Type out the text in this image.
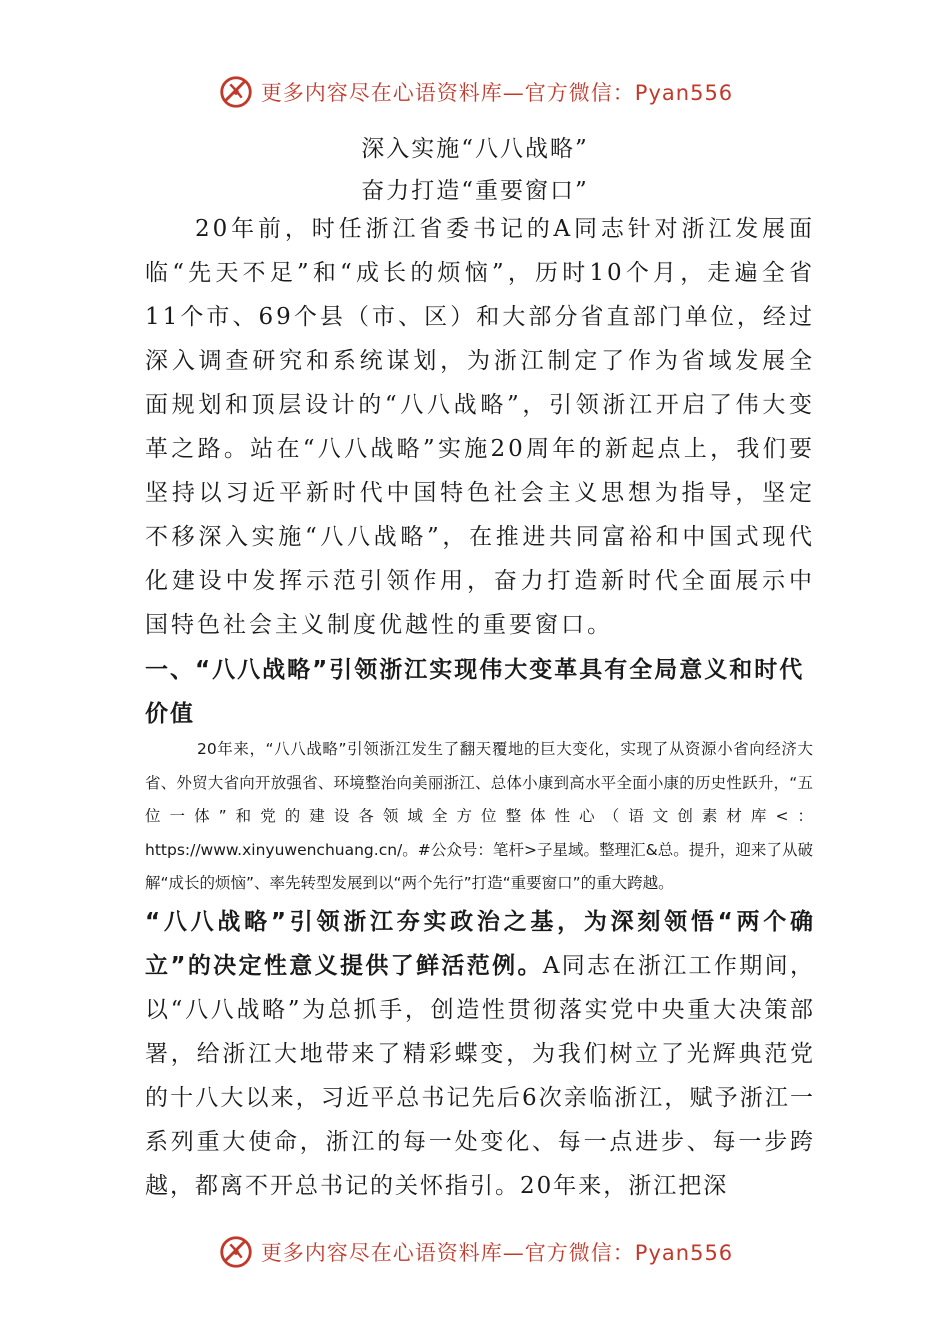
更多内容尽在心语资料库—官方微信：Pyan556
深入实施“八八战略”
奋力打造“重要窗口”

20年前，时任浙江省委书记的A同志针对浙江发展面临“先天不足”和“成长的烦恼”，历时10个月，走遍全省11个市、69个县（市、区）和大部分省直部门单位，经过深入调查研究和系统谋划，为浙江制定了作为省域发展全面规划和顶层设计的“八八战略”，引领浙江开启了伟大变革之路。站在“八八战略”实施20周年的新起点上，我们要坚持以习近平新时代中国特色社会主义思想为指导，坚定不移深入实施“八八战略”，在推进共同富裕和中国式现代化建设中发挥示范引领作用，奋力打造新时代全面展示中国特色社会主义制度优越性的重要窗口。

一、“八八战略”引领浙江实现伟大变革具有全局意义和时代价值

20年来，“八八战略”引领浙江发生了翻天覆地的巨大变化，实现了从资源小省向经济大省、外贸大省向开放强省、环境整治向美丽浙江、总体小康到高水平全面小康的历史性跃升，“五位一体”和党的建设各领域全方位整体性心（语文创素材库<：https://www.xinyuwenchuang.cn/。#公众号：笔杆>子星域。整理汇&总。提升，迎来了从破解“成长的烦恼”、率先转型发展到以“两个先行”打造“重要窗口”的重大跨越。

“八八战略”引领浙江夯实政治之基，为深刻领悟“两个确立”的决定性意义提供了鲜活范例。A同志在浙江工作期间，以“八八战略”为总抓手，创造性贯彻落实党中央重大决策部署，给浙江大地带来了精彩蝶变，为我们树立了光辉典范党的十八大以来，习近平总书记先后6次亲临浙江，赋予浙江一系列重大使命，浙江的每一处变化、每一点进步、每一步跨越，都离不开总书记的关怀指引。20年来，浙江把深

更多内容尽在心语资料库—官方微信：Pyan556
